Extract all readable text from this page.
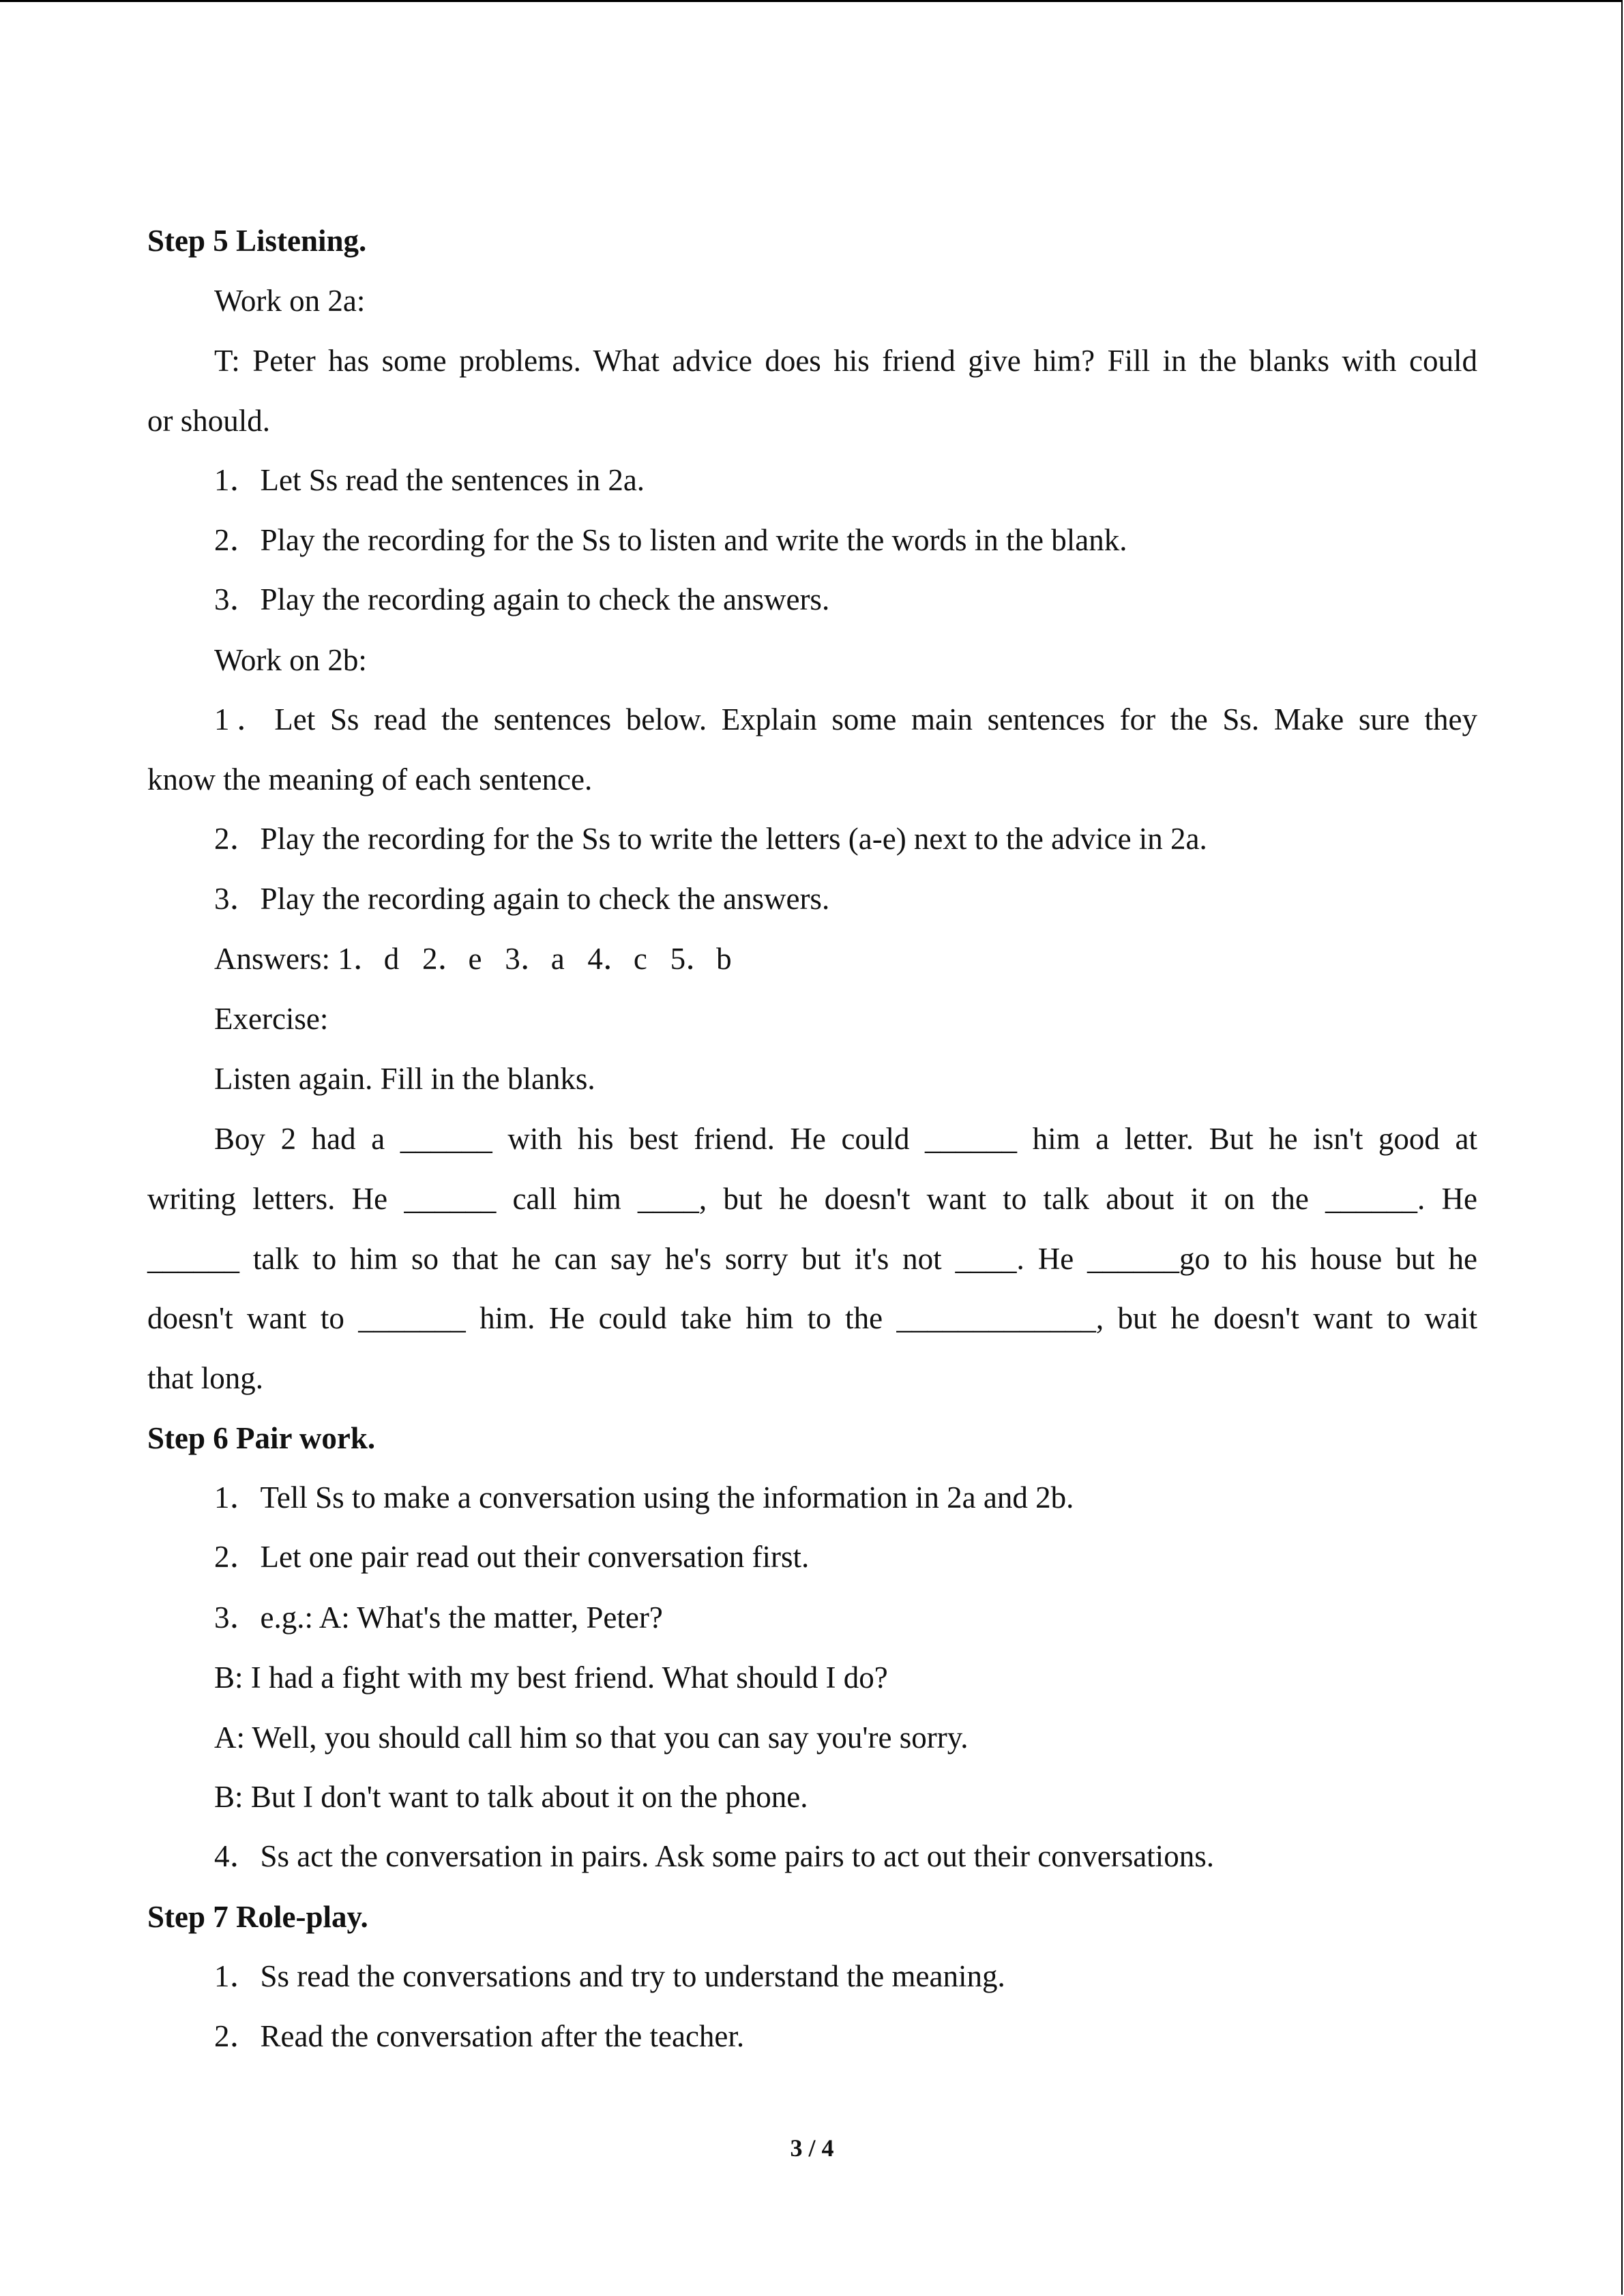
Step 5 Listening.
Work on 2a:
T: Peter has some problems. What advice does his friend give him? Fill in the blanks with could
or should.
1．Let Ss read the sentences in 2a.
2．Play the recording for the Ss to listen and write the words in the blank.
3．Play the recording again to check the answers.
Work on 2b:
1．Let Ss read the sentences below. Explain some main sentences for the Ss. Make sure they
know the meaning of each sentence.
2．Play the recording for the Ss to write the letters (a-e) next to the advice in 2a.
3．Play the recording again to check the answers.
Answers: 1．d   2．e   3．a   4．c   5．b
Exercise:
Listen again. Fill in the blanks.
Boy 2 had a ______ with his best friend. He could ______ him a letter. But he isn't good at
writing letters. He ______ call him ____, but he doesn't want to talk about it on the ______. He
______ talk to him so that he can say he's sorry but it's not ____. He ______go to his house but he
doesn't want to _______ him. He could take him to the _____________, but he doesn't want to wait
that long.
Step 6 Pair work.
1．Tell Ss to make a conversation using the information in 2a and 2b.
2．Let one pair read out their conversation first.
3．e.g.: A: What's the matter, Peter?
B: I had a fight with my best friend. What should I do?
A: Well, you should call him so that you can say you're sorry.
B: But I don't want to talk about it on the phone.
4．Ss act the conversation in pairs. Ask some pairs to act out their conversations.
Step 7 Role-play.
1．Ss read the conversations and try to understand the meaning.
2．Read the conversation after the teacher.
3 / 4
